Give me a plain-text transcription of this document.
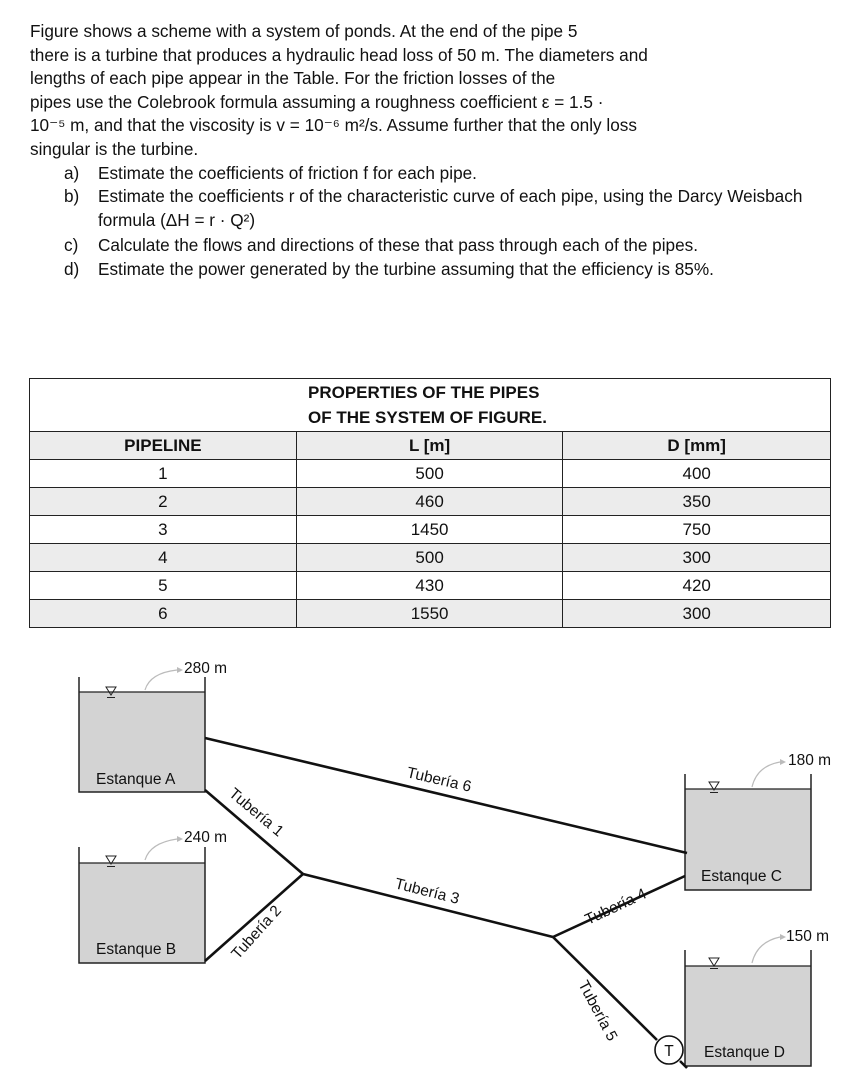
Figure shows a scheme with a system of ponds. At the end of the pipe 5

there is a turbine that produces a hydraulic head loss of 50 m. The diameters and

lengths of each pipe appear in the Table. For the friction losses of the

pipes use the Colebrook formula assuming a roughness coefficient ε = 1.5 ·

10⁻⁵ m, and that the viscosity is v = 10⁻⁶ m²/s. Assume further that the only loss

singular is the turbine.

a) Estimate the coefficients of friction f for each pipe.
b) Estimate the coefficients r of the characteristic curve of each pipe, using the Darcy Weisbach formula (ΔH = r · Q²)
c) Calculate the flows and directions of these that pass through each of the pipes.
d) Estimate the power generated by the turbine assuming that the efficiency is 85%.
PROPERTIES OF THE PIPES
OF THE SYSTEM OF FIGURE.		

PIPELINE	L [m]	D [mm]
1	500	400
2	460	350
3	1450	750
4	500	300
5	430	420
6	1550	300
280 m
Estanque A
240 m
Estanque B
180 m
Estanque C
150 m
Estanque D
T
Tubería 6
Tubería 1
Tubería 2
Tubería 3	Tubería 4
Tubería 5
